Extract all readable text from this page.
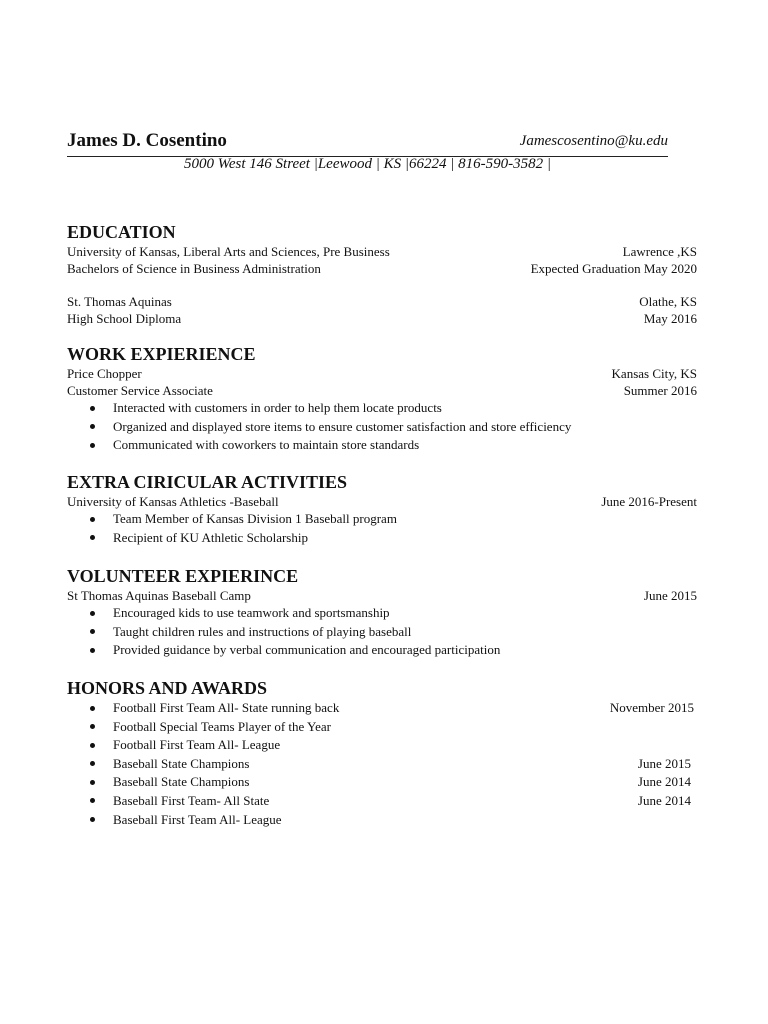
James D. Cosentino	Jamescosentino@ku.edu
5000 West 146 Street |Leewood | KS |66224 | 816-590-3582 |
EDUCATION
University of Kansas, Liberal Arts and Sciences, Pre Business	Lawrence ,KS
Bachelors of Science in Business Administration	Expected Graduation May 2020
St. Thomas Aquinas	Olathe, KS
High School Diploma	May 2016
WORK EXPIERIENCE
Price Chopper	Kansas City, KS
Customer Service Associate	Summer 2016
Interacted with customers in order to help them locate products
Organized and displayed store items to ensure customer satisfaction and store efficiency
Communicated with coworkers to maintain store standards
EXTRA CIRICULAR ACTIVITIES
University of Kansas Athletics -Baseball	June 2016-Present
Team Member of Kansas Division 1 Baseball program
Recipient of KU Athletic Scholarship
VOLUNTEER EXPIERINCE
St Thomas Aquinas Baseball Camp	June 2015
Encouraged kids to use teamwork and sportsmanship
Taught children rules and instructions of playing baseball
Provided guidance by verbal communication and encouraged participation
HONORS AND AWARDS
Football First Team All- State running back	November 2015
Football Special Teams Player of the Year
Football First Team All- League
Baseball State Champions	June 2015
Baseball State Champions	June 2014
Baseball First Team- All State	June 2014
Baseball First Team All- League
